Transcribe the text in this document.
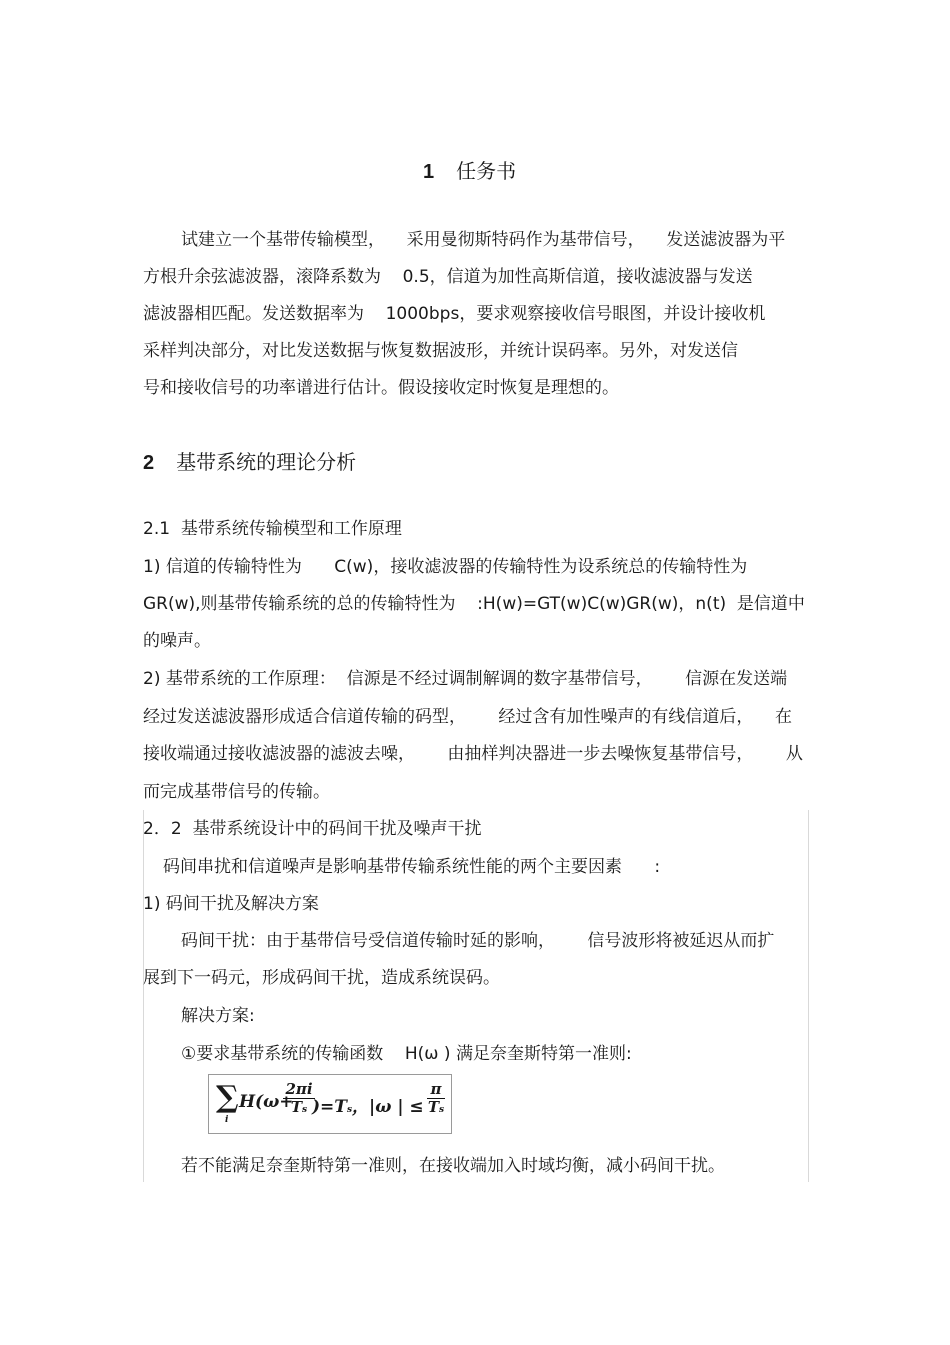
1 任务书
试建立一个基带传输模型，    采用曼彻斯特码作为基带信号，    发送滤波器为平
方根升余弦滤波器，滚降系数为    0.5，信道为加性高斯信道，接收滤波器与发送
滤波器相匹配。发送数据率为    1000bps，要求观察接收信号眼图，并设计接收机
采样判决部分，对比发送数据与恢复数据波形，并统计误码率。另外，对发送信
号和接收信号的功率谱进行估计。假设接收定时恢复是理想的。
2 基带系统的理论分析
2.1  基带系统传输模型和工作原理
1) 信道的传输特性为      C(w)，接收滤波器的传输特性为设系统总的传输特性为
GR(w),则基带传输系统的总的传输特性为    :H(w)=GT(w)C(w)GR(w)，n(t)  是信道中
的噪声。
2) 基带系统的工作原理：  信源是不经过调制解调的数字基带信号，      信源在发送端
经过发送滤波器形成适合信道传输的码型，      经过含有加性噪声的有线信道后，    在
接收端通过接收滤波器的滤波去噪，      由抽样判决器进一步去噪恢复基带信号，      从
而完成基带信号的传输。
2．2  基带系统设计中的码间干扰及噪声干扰
码间串扰和信道噪声是影响基带传输系统性能的两个主要因素      :
1) 码间干扰及解决方案
码间干扰：由于基带信号受信道传输时延的影响，      信号波形将被延迟从而扩
展到下一码元，形成码间干扰，造成系统误码。
解决方案:
①要求基带系统的传输函数    H(ω ) 满足奈奎斯特第一准则:
∑
i
H(ω+
$\frac{2\pi i}{Ts}$
)=Ts，|ω | ≤ $\frac{\pi}{Ts}$
若不能满足奈奎斯特第一准则，在接收端加入时域均衡，减小码间干扰。
